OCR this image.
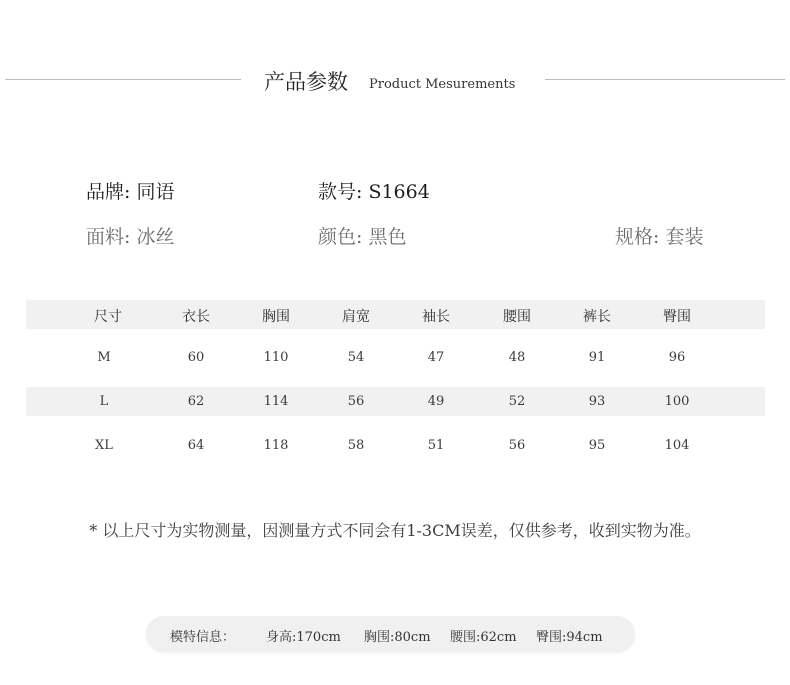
产品参数 Product Mesurements
品牌: 同语	款号: S1664
面料: 冰丝	颜色: 黑色	规格: 套装
尺寸	衣长	胸围	肩宽	袖长	腰围	裤长	臀围
M	60	110	54	47	48	91	96
L	62	114	56	49	52	93	100
XL	64	118	58	51	56	95	104
* 以上尺寸为实物测量，因测量方式不同会有1-3CM误差，仅供参考，收到实物为准。
模特信息： 身高:170cm 胸围:80cm 腰围:62cm 臀围:94cm
